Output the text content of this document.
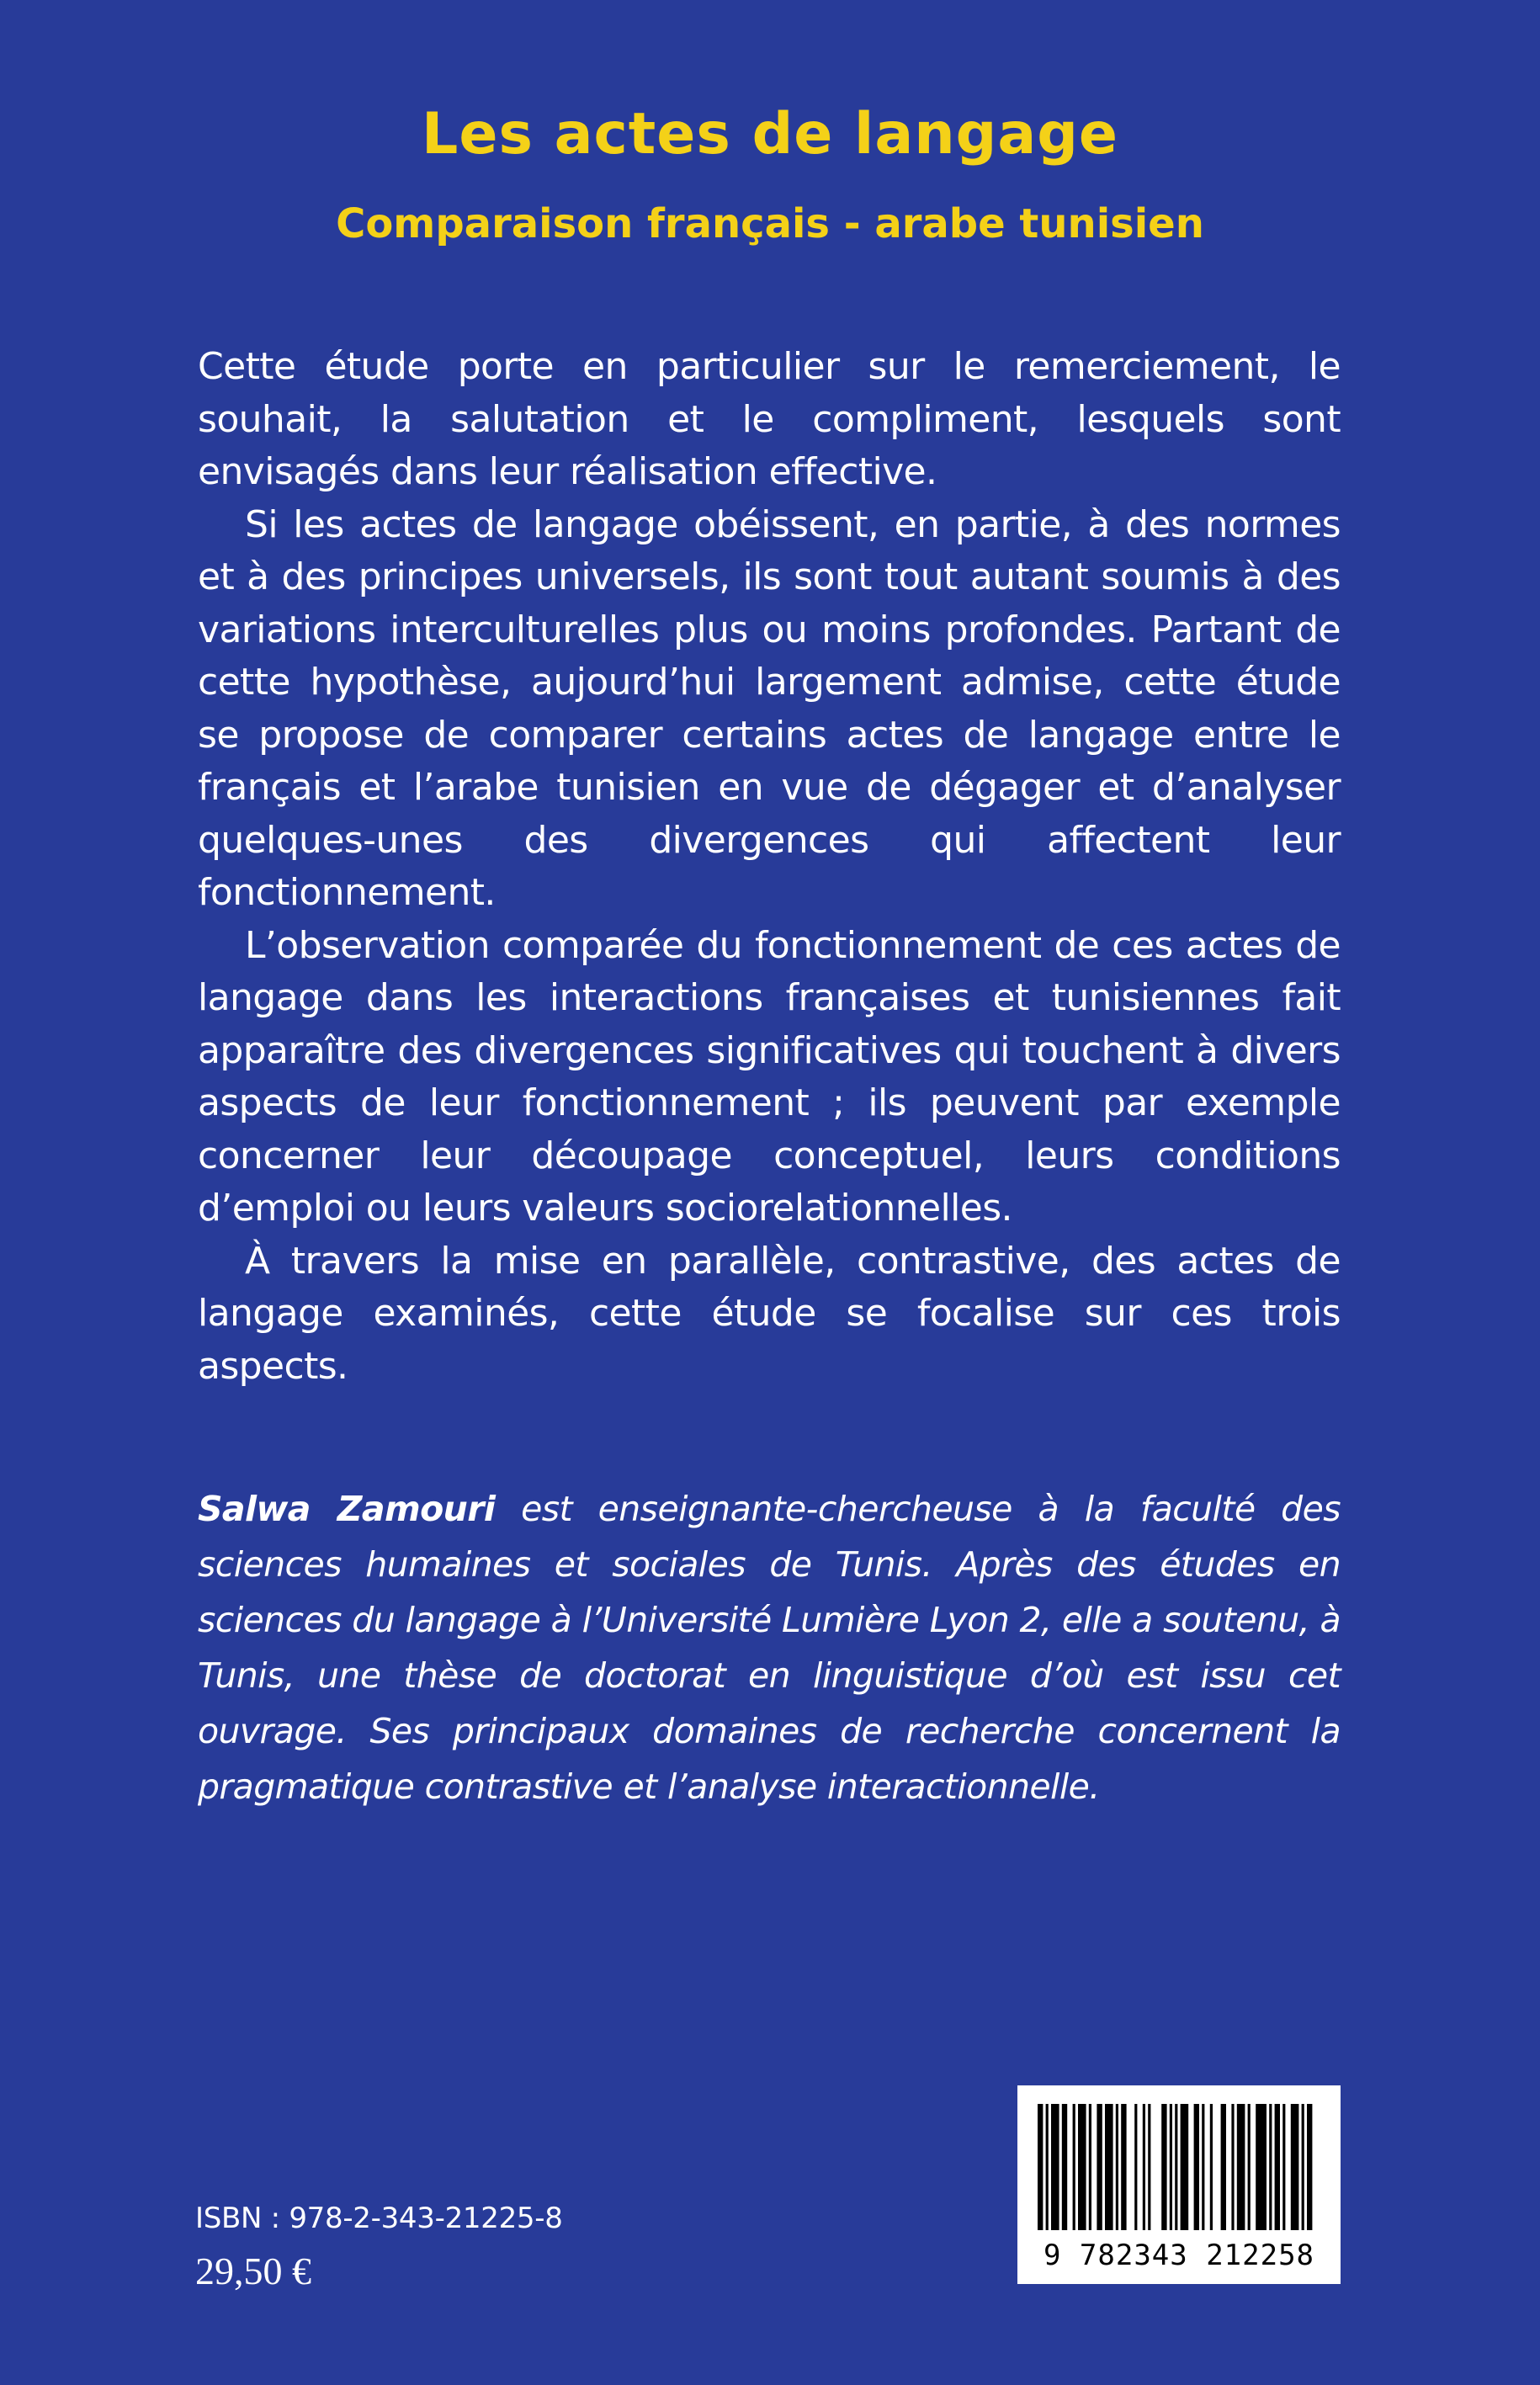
Les actes de langage
Comparaison français - arabe tunisien

Cette étude porte en particulier sur le remerciement, le souhait, la salutation et le compliment, lesquels sont envisagés dans leur réalisation effective.

Si les actes de langage obéissent, en partie, à des normes et à des principes universels, ils sont tout autant soumis à des variations interculturelles plus ou moins profondes. Partant de cette hypothèse, aujourd’hui largement admise, cette étude se propose de comparer certains actes de langage entre le français et l’arabe tunisien en vue de dégager et d’analyser quelques-unes des divergences qui affectent leur fonctionnement.

L’observation comparée du fonctionnement de ces actes de langage dans les interactions françaises et tunisiennes fait apparaître des divergences significatives qui touchent à divers aspects de leur fonctionnement ; ils peuvent par exemple concerner leur découpage conceptuel, leurs conditions d’emploi ou leurs valeurs sociorelationnelles.

À travers la mise en parallèle, contrastive, des actes de langage examinés, cette étude se focalise sur ces trois aspects.

Salwa Zamouri est enseignante-chercheuse à la faculté des sciences humaines et sociales de Tunis. Après des études en sciences du langage à l’Université Lumière Lyon 2, elle a soutenu, à Tunis, une thèse de doctorat en linguistique d’où est issu cet ouvrage. Ses principaux domaines de recherche concernent la pragmatique contrastive et l’analyse interactionnelle.

ISBN : 978-2-343-21225-8
29,50 €	9 782343 212258
